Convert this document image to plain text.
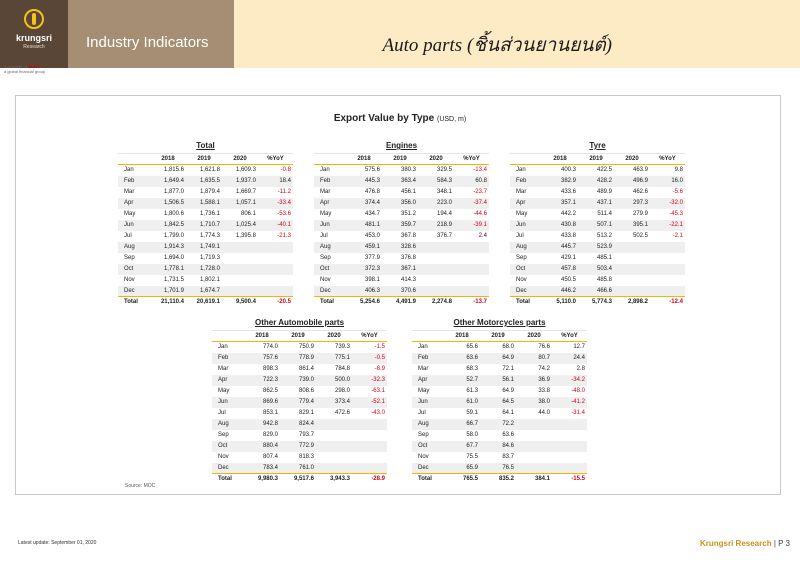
krungsri
Research
A member of MUFG
a global financial group
Industry Indicators	Auto parts (ชิ้นส่วนยานยนต์)
Export Value by Type (USD, m)
Total
	2018	2019	2020	%YoY
Jan	1,815.6	1,621.8	1,609.3	-0.8
Feb	1,649.4	1,635.5	1,937.0	18.4
Mar	1,877.0	1,879.4	1,669.7	-11.2
Apr	1,506.5	1,588.1	1,057.1	-33.4
May	1,800.6	1,736.1	806.1	-53.6
Jun	1,842.5	1,710.7	1,025.4	-40.1
Jul	1,799.0	1,774.3	1,395.8	-21.3
Aug	1,914.3	1,749.1		
Sep	1,694.0	1,719.3		
Oct	1,778.1	1,728.0		
Nov	1,731.5	1,802.1		
Dec	1,701.9	1,674.7		
Total	21,110.4	20,619.1	9,500.4	-20.5
Engines
	2018	2019	2020	%YoY
Jan	575.6	380.3	329.5	-13.4
Feb	445.3	363.4	584.3	60.8
Mar	476.8	456.1	348.1	-23.7
Apr	374.4	356.0	223.0	-37.4
May	434.7	351.2	194.4	-44.6
Jun	481.1	359.7	218.9	-39.1
Jul	453.0	367.8	376.7	2.4
Aug	459.1	328.6		
Sep	377.9	376.8		
Oct	372.3	367.1		
Nov	398.1	414.3		
Dec	406.3	370.6		
Total	5,254.6	4,491.9	2,274.8	-13.7
Tyre
	2018	2019	2020	%YoY
Jan	400.3	422.5	463.9	9.8
Feb	382.9	428.2	496.9	16.0
Mar	433.6	489.9	462.6	-5.6
Apr	357.1	437.1	297.3	-32.0
May	442.2	511.4	279.9	-45.3
Jun	430.8	507.1	395.1	-22.1
Jul	433.8	513.2	502.5	-2.1
Aug	445.7	523.9		
Sep	429.1	485.1		
Oct	457.8	503.4		
Nov	450.5	485.8		
Dec	446.2	466.6		
Total	5,110.0	5,774.3	2,898.2	-12.4
Other Automobile parts
	2018	2019	2020	%YoY
Jan	774.0	750.9	739.3	-1.5
Feb	757.6	778.9	775.1	-0.5
Mar	898.3	861.4	784.8	-8.9
Apr	722.3	739.0	500.0	-32.3
May	862.5	808.6	298.0	-63.1
Jun	869.6	779.4	373.4	-52.1
Jul	853.1	829.1	472.6	-43.0
Aug	942.8	824.4		
Sep	829.0	793.7		
Oct	880.4	772.9		
Nov	807.4	818.3		
Dec	783.4	761.0		
Total	9,980.3	9,517.6	3,943.3	-28.9
Other Motorcycles parts
	2018	2019	2020	%YoY
Jan	65.6	68.0	76.6	12.7
Feb	63.6	64.9	80.7	24.4
Mar	68.3	72.1	74.2	2.8
Apr	52.7	56.1	36.9	-34.2
May	61.3	64.9	33.8	-48.0
Jun	61.0	64.5	38.0	-41.2
Jul	59.1	64.1	44.0	-31.4
Aug	66.7	72.2		
Sep	58.0	63.6		
Oct	67.7	84.6		
Nov	75.5	83.7		
Dec	65.9	76.5		
Total	765.5	835.2	384.1	-15.5
Source: MOC
Latest update: September 01, 2020	Krungsri Research | P 3
